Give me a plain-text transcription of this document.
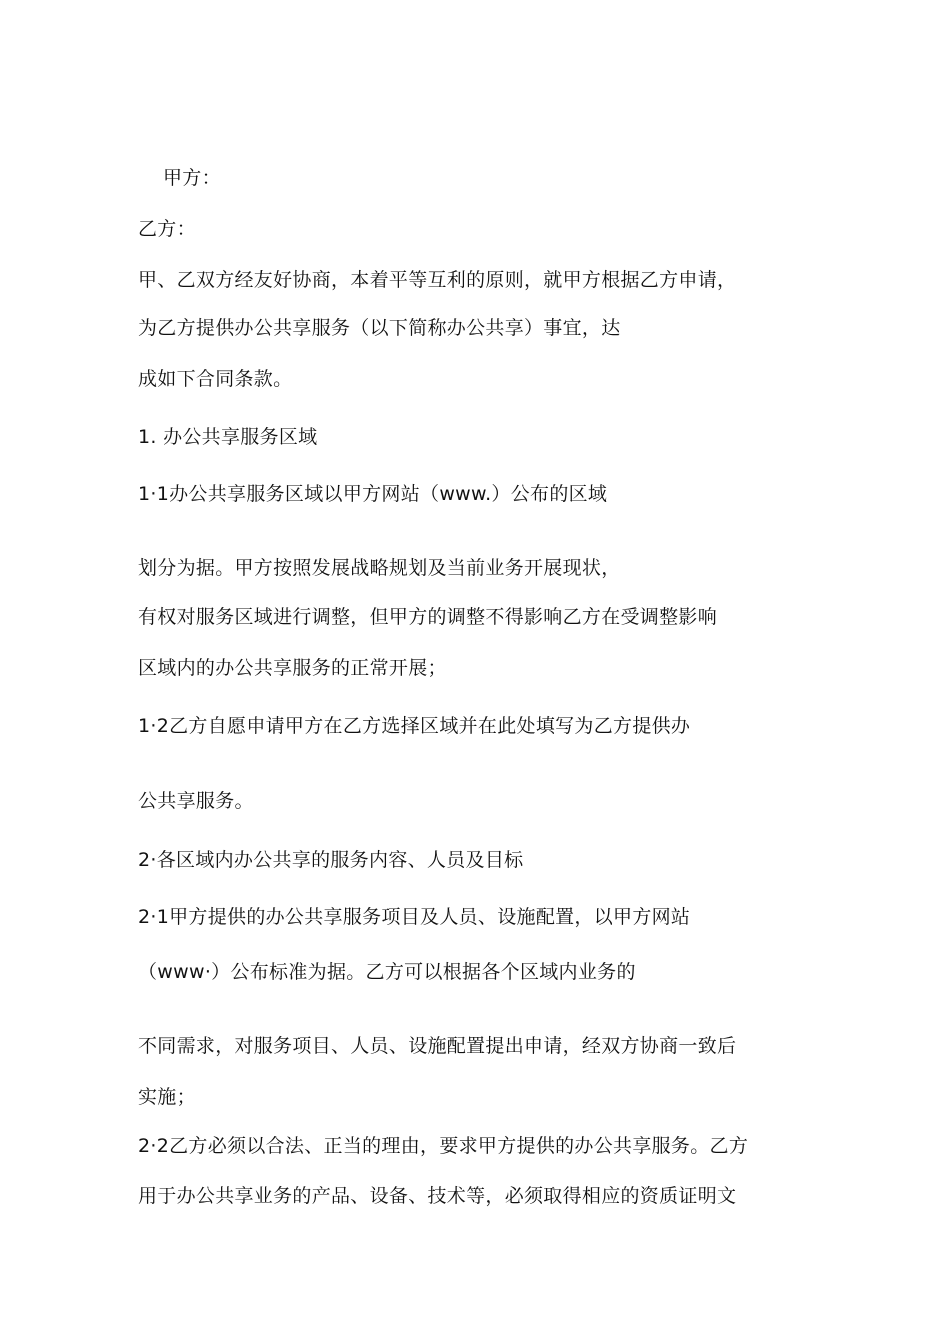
甲方：
乙方：
甲、乙双方经友好协商，本着平等互利的原则，就甲方根据乙方申请，
为乙方提供办公共享服务（以下简称办公共享）事宜，达
成如下合同条款。
1. 办公共享服务区域
1·1办公共享服务区域以甲方网站（www.）公布的区域
划分为据。甲方按照发展战略规划及当前业务开展现状，
有权对服务区域进行调整，但甲方的调整不得影响乙方在受调整影响
区域内的办公共享服务的正常开展；
1·2乙方自愿申请甲方在乙方选择区域并在此处填写为乙方提供办
公共享服务。
2·各区域内办公共享的服务内容、人员及目标
2·1甲方提供的办公共享服务项目及人员、设施配置，以甲方网站
（www·）公布标准为据。乙方可以根据各个区域内业务的
不同需求，对服务项目、人员、设施配置提出申请，经双方协商一致后
实施；
2·2乙方必须以合法、正当的理由，要求甲方提供的办公共享服务。乙方
用于办公共享业务的产品、设备、技术等，必须取得相应的资质证明文
